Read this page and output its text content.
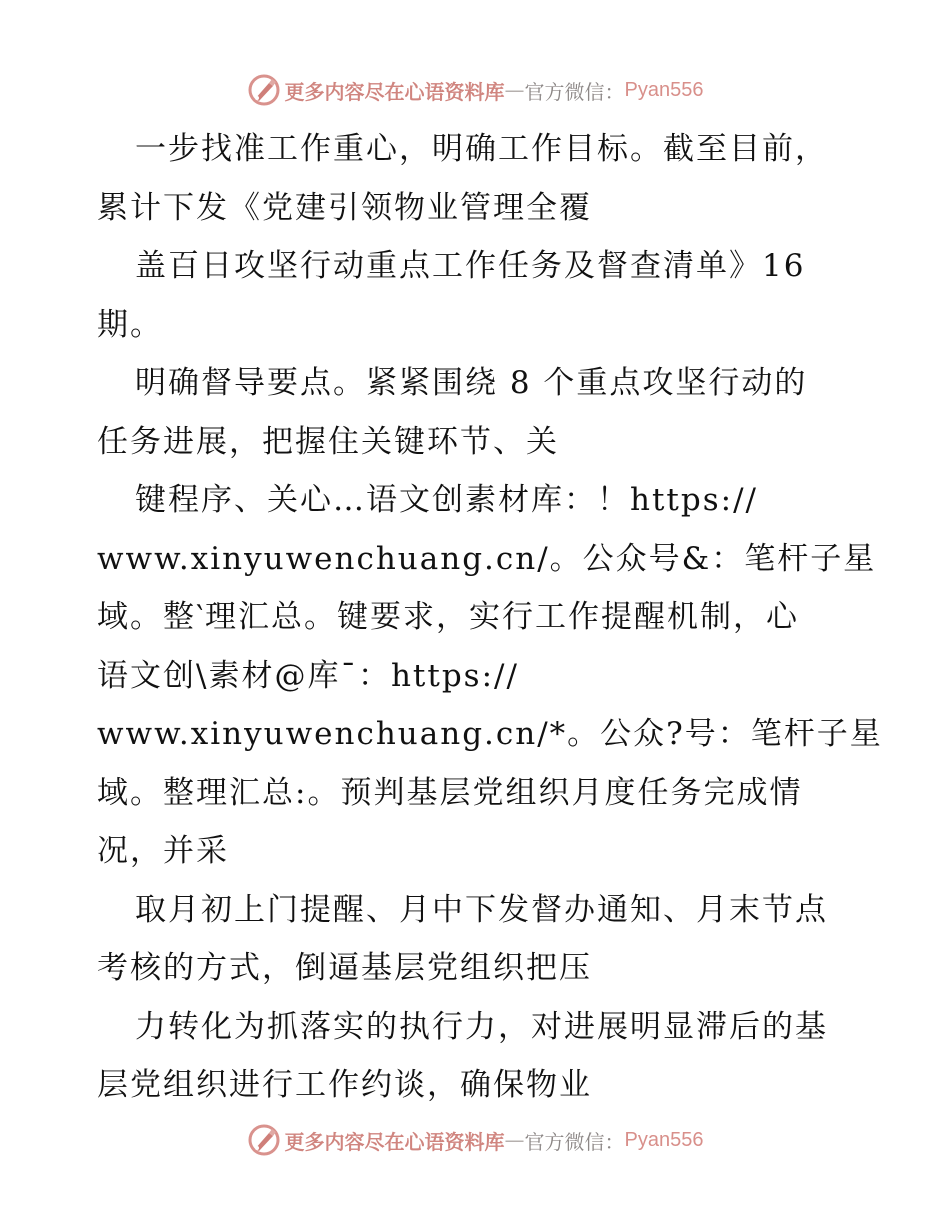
更多内容尽在心语资料库 — 官方微信： Pyan556
一步找准工作重心，明确工作目标。截至目前，
累计下发《党建引领物业管理全覆
盖百日攻坚行动重点工作任务及督查清单》16
期。
明确督导要点。紧紧围绕 8 个重点攻坚行动的
任务进展，把握住关键环节、关
键程序、关心…语文创素材库：！https://
www.xinyuwenchuang.cn/。公众号&：笔杆子星
域。整‵理汇总。键要求，实行工作提醒机制，心
语文创\素材@库¯：https://
www.xinyuwenchuang.cn/*。公众?号：笔杆子星
域。整理汇总:。预判基层党组织月度任务完成情
况，并采
取月初上门提醒、月中下发督办通知、月末节点
考核的方式，倒逼基层党组织把压
力转化为抓落实的执行力，对进展明显滞后的基
层党组织进行工作约谈，确保物业
更多内容尽在心语资料库 — 官方微信： Pyan556
